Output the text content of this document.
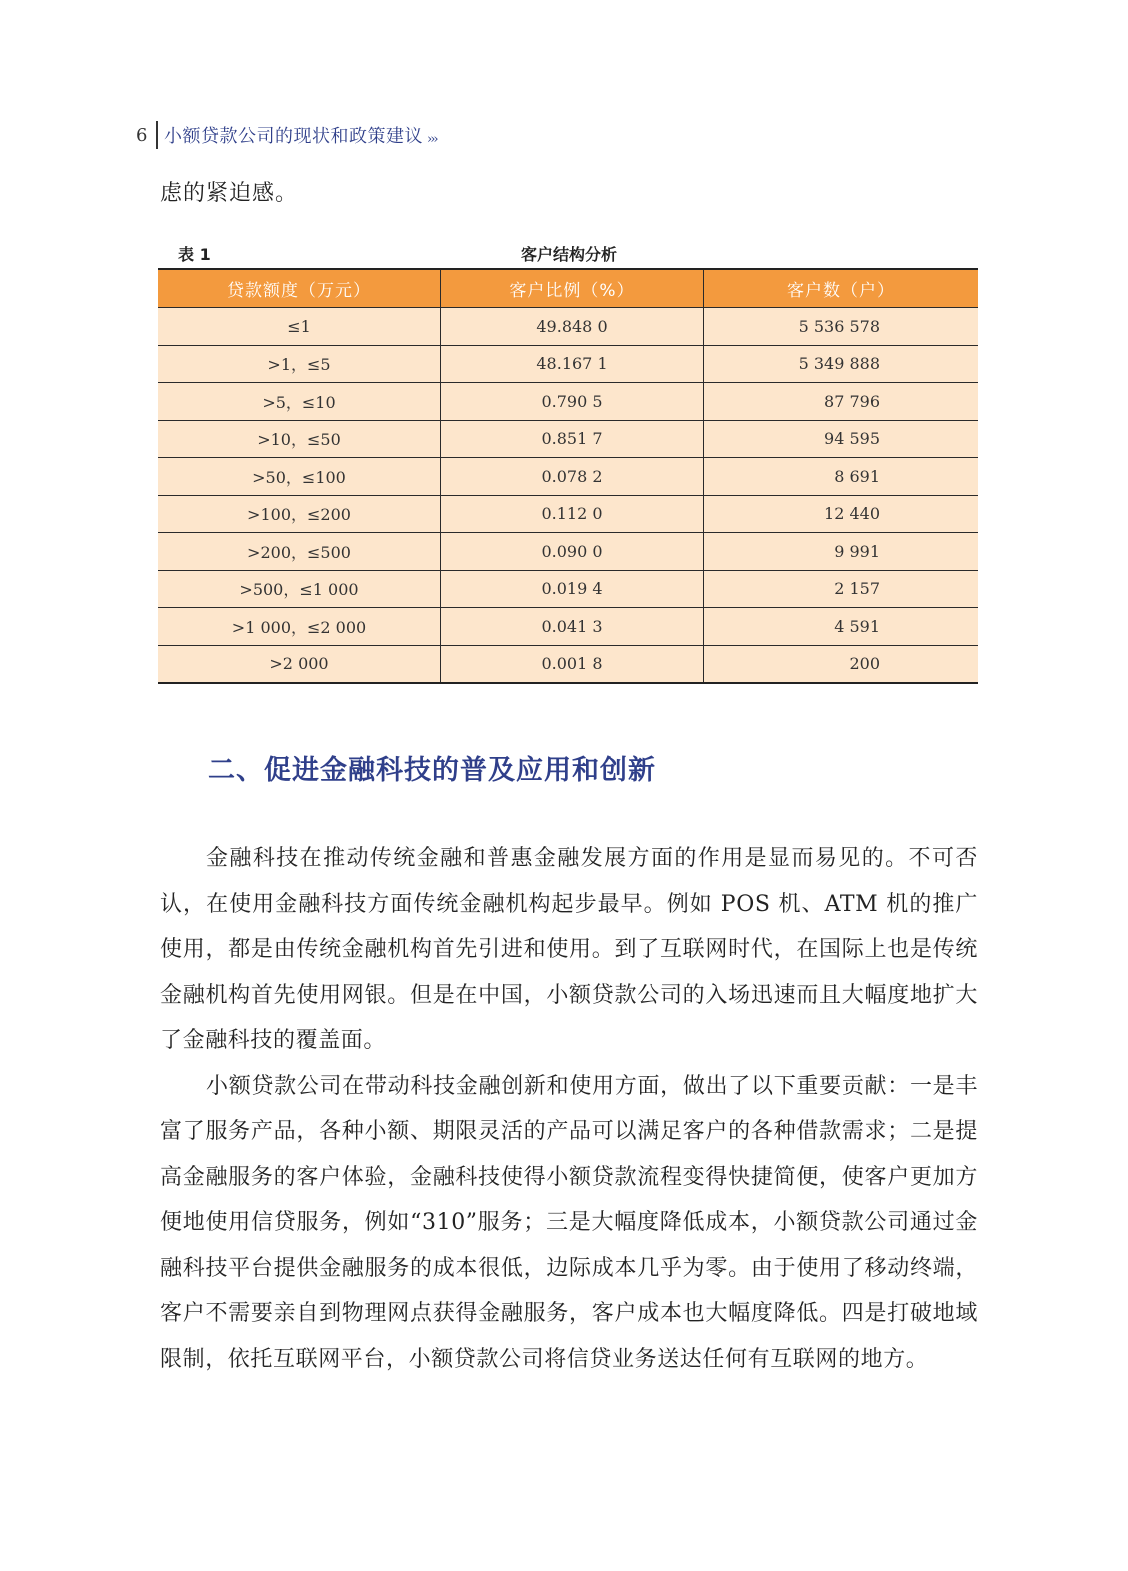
6 小额贷款公司的现状和政策建议 ›››
虑的紧迫感。
表 1	客户结构分析
贷款额度（万元）	客户比例（%）	客户数（户）
≤1	49.848 0	5 536 578
>1，≤5	48.167 1	5 349 888
>5，≤10	0.790 5	87 796
>10，≤50	0.851 7	94 595
>50，≤100	0.078 2	8 691
>100，≤200	0.112 0	12 440
>200，≤500	0.090 0	9 991
>500，≤1 000	0.019 4	2 157
>1 000，≤2 000	0.041 3	4 591
>2 000	0.001 8	200
二、促进金融科技的普及应用和创新

金融科技在推动传统金融和普惠金融发展方面的作用是显而易见的。不可否认，在使用金融科技方面传统金融机构起步最早。例如 POS 机、ATM 机的推广使用，都是由传统金融机构首先引进和使用。到了互联网时代，在国际上也是传统金融机构首先使用网银。但是在中国，小额贷款公司的入场迅速而且大幅度地扩大了金融科技的覆盖面。

小额贷款公司在带动科技金融创新和使用方面，做出了以下重要贡献：一是丰富了服务产品，各种小额、期限灵活的产品可以满足客户的各种借款需求；二是提高金融服务的客户体验，金融科技使得小额贷款流程变得快捷简便，使客户更加方便地使用信贷服务，例如“310”服务；三是大幅度降低成本，小额贷款公司通过金融科技平台提供金融服务的成本很低，边际成本几乎为零。由于使用了移动终端，客户不需要亲自到物理网点获得金融服务，客户成本也大幅度降低。四是打破地域限制，依托互联网平台，小额贷款公司将信贷业务送达任何有互联网的地方。
